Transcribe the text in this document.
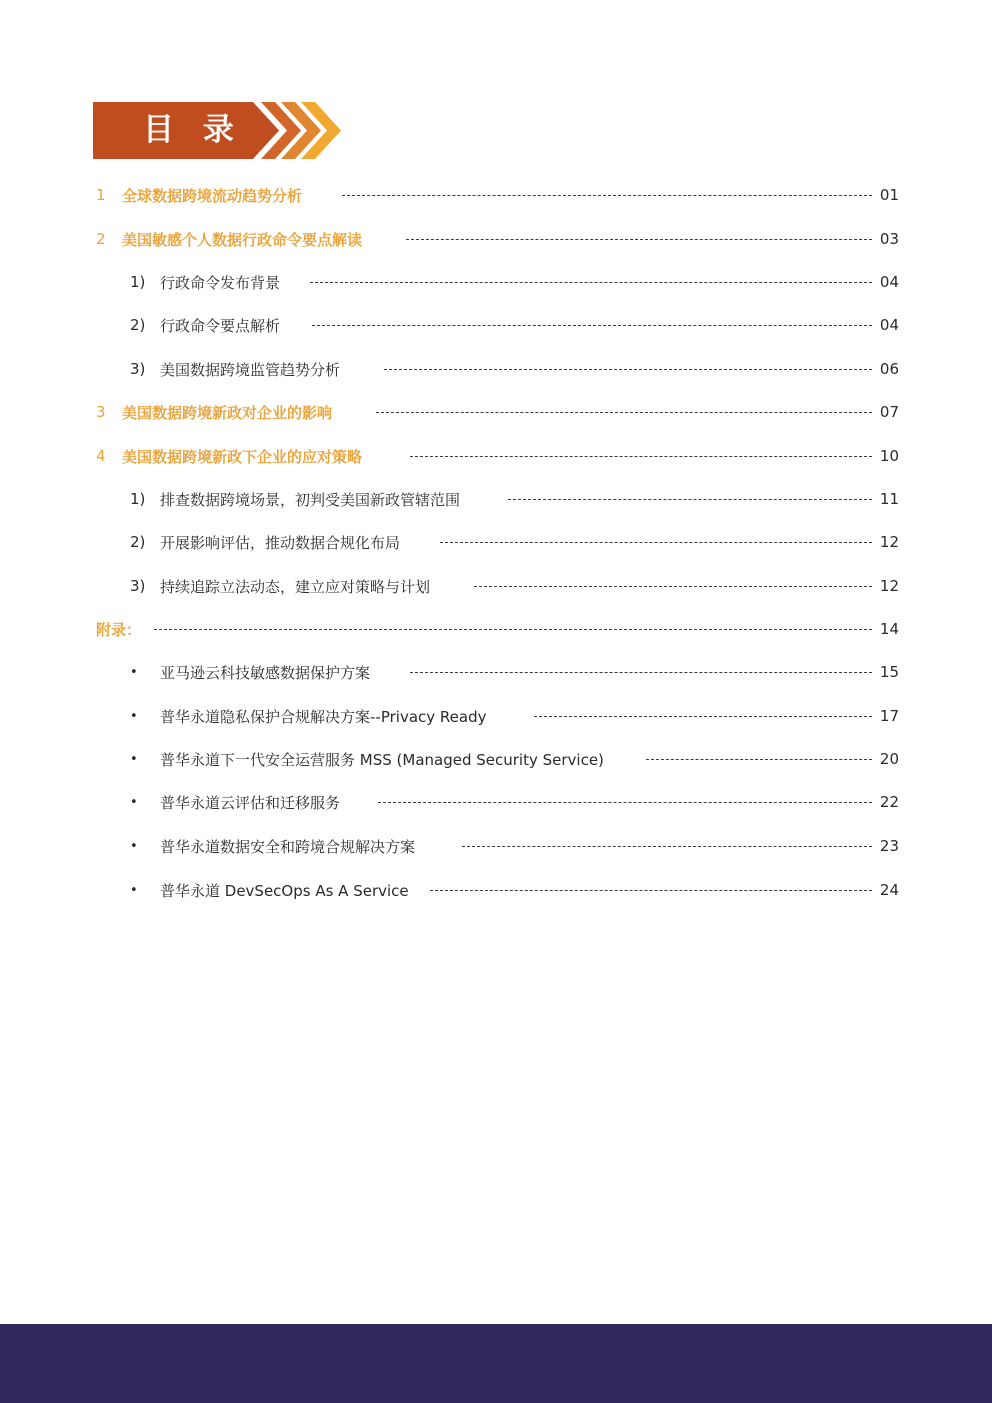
目 录
1 全球数据跨境流动趋势分析	01
2 美国敏感个人数据行政命令要点解读	03
1) 行政命令发布背景	04
2) 行政命令要点解析	04
3) 美国数据跨境监管趋势分析	06
3 美国数据跨境新政对企业的影响	07
4 美国数据跨境新政下企业的应对策略	10
1) 排查数据跨境场景，初判受美国新政管辖范围	11
2) 开展影响评估，推动数据合规化布局	12
3) 持续追踪立法动态，建立应对策略与计划	12
附录：	14
• 亚马逊云科技敏感数据保护方案	15
• 普华永道隐私保护合规解决方案--Privacy Ready	17
• 普华永道下一代安全运营服务 MSS (Managed Security Service)	20
• 普华永道云评估和迁移服务	22
• 普华永道数据安全和跨境合规解决方案	23
• 普华永道 DevSecOps As A Service	24
